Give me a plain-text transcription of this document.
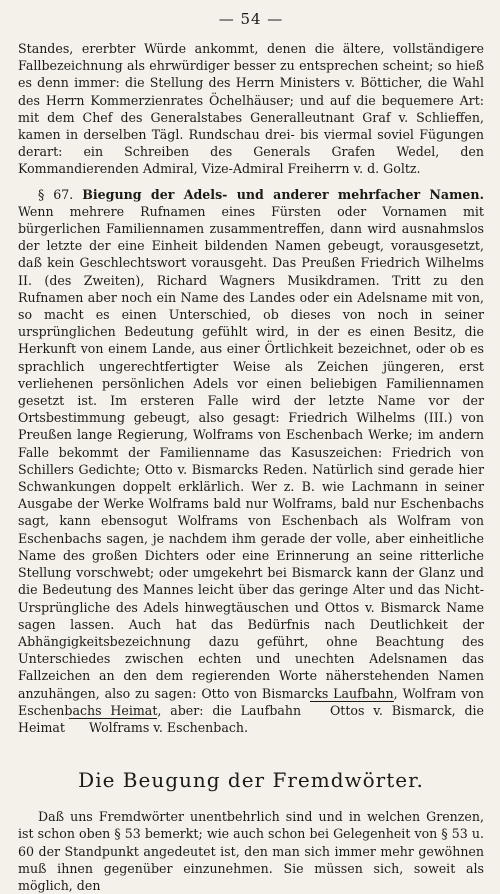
— 54 —

Standes, ererbter Würde ankommt, denen die ältere, vollständigere Fallbezeichnung als ehrwürdiger besser zu entsprechen scheint; so hieß es denn immer: die Stellung des Herrn Ministers v. Bötticher, die Wahl des Herrn Kommerzienrates Öchelhäuser; und auf die bequemere Art: mit dem Chef des Generalstabes Generalleutnant Graf v. Schlieffen, kamen in derselben Tägl. Rundschau drei- bis viermal soviel Fügungen derart: ein Schreiben des Generals Grafen Wedel, den Kommandierenden Admiral, Vize-Admiral Freiherrn v. d. Goltz.

§ 67. Biegung der Adels- und anderer mehrfacher Namen. Wenn mehrere Rufnamen eines Fürsten oder Vornamen mit bürgerlichen Familiennamen zusammentreffen, dann wird ausnahmslos der letzte der eine Einheit bildenden Namen gebeugt, vorausgesetzt, daß kein Geschlechtswort vorausgeht. Das Preußen Friedrich Wilhelms II. (des Zweiten), Richard Wagners Musikdramen. Tritt zu den Rufnamen aber noch ein Name des Landes oder ein Adelsname mit von, so macht es einen Unterschied, ob dieses von noch in seiner ursprünglichen Bedeutung gefühlt wird, in der es einen Besitz, die Herkunft von einem Lande, aus einer Örtlichkeit bezeichnet, oder ob es sprachlich ungerechtfertigter Weise als Zeichen jüngeren, erst verliehenen persönlichen Adels vor einen beliebigen Familiennamen gesetzt ist. Im ersteren Falle wird der letzte Name vor der Ortsbestimmung gebeugt, also gesagt: Friedrich Wilhelms (III.) von Preußen lange Regierung, Wolframs von Eschenbach Werke; im andern Falle bekommt der Familienname das Kasuszeichen: Friedrich von Schillers Gedichte; Otto v. Bismarcks Reden. Natürlich sind gerade hier Schwankungen doppelt erklärlich. Wer z. B. wie Lachmann in seiner Ausgabe der Werke Wolframs bald nur Wolframs, bald nur Eschenbachs sagt, kann ebensogut Wolframs von Eschenbach als Wolfram von Eschenbachs sagen, je nachdem ihm gerade der volle, aber einheitliche Name des großen Dichters oder eine Erinnerung an seine ritterliche Stellung vorschwebt; oder umgekehrt bei Bismarck kann der Glanz und die Bedeutung des Mannes leicht über das geringe Alter und das Nicht-Ursprüngliche des Adels hinwegtäuschen und Ottos v. Bismarck Name sagen lassen. Auch hat das Bedürfnis nach Deutlichkeit der Abhängigkeitsbezeichnung dazu geführt, ohne Beachtung des Unterschiedes zwischen echten und unechten Adelsnamen das Fallzeichen an den dem regierenden Worte näherstehenden Namen anzuhängen, also zu sagen: Otto von Bismarcks Laufbahn, Wolfram von Eschenbachs Heimat, aber: die Laufbahn Ottos v. Bismarck, die Heimat Wolframs v. Eschenbach.

Die Beugung der Fremdwörter.

Daß uns Fremdwörter unentbehrlich sind und in welchen Grenzen, ist schon oben § 53 bemerkt; wie auch schon bei Gelegenheit von § 53 u. 60 der Standpunkt angedeutet ist, den man sich immer mehr gewöhnen muß ihnen gegenüber einzunehmen. Sie müssen sich, soweit als möglich, den
